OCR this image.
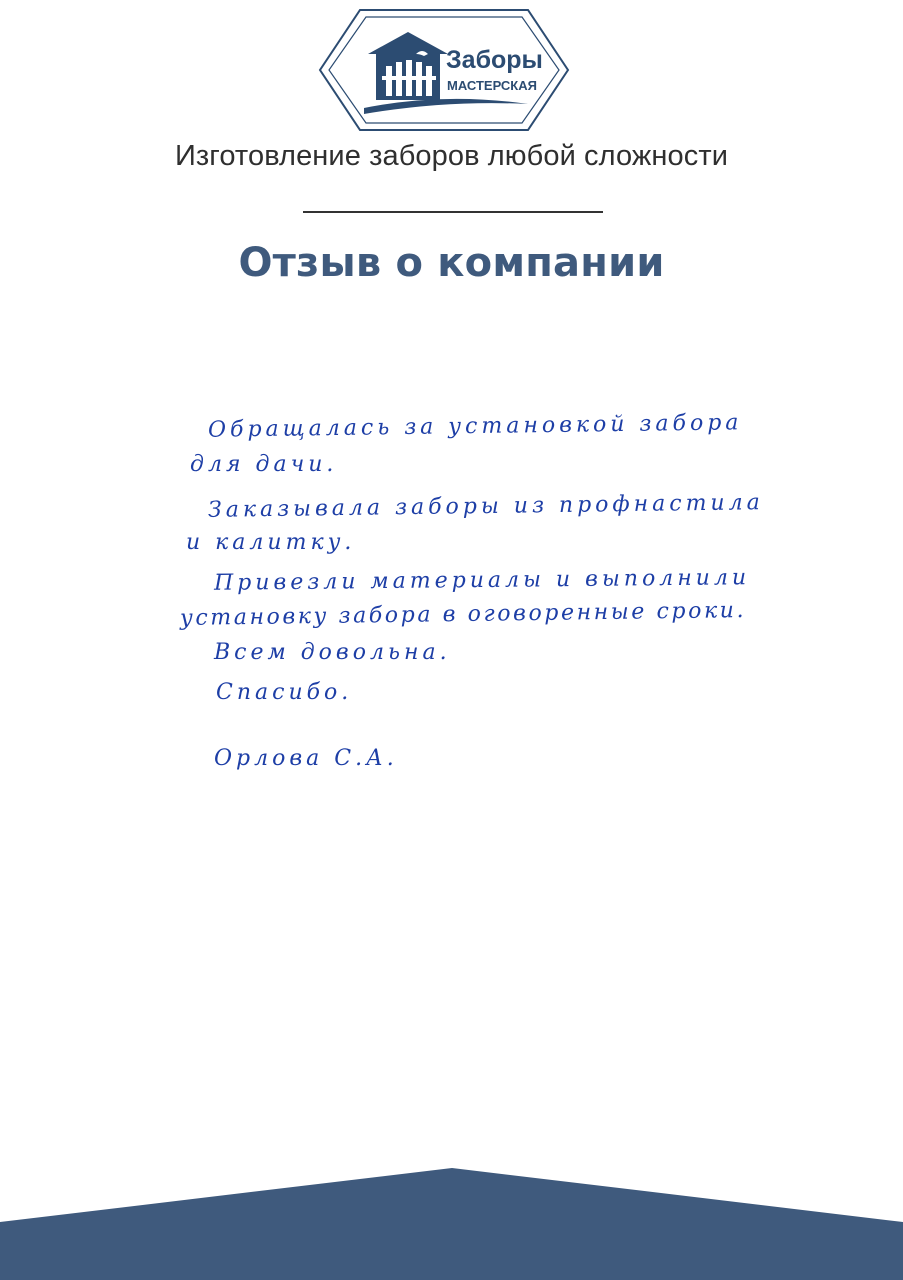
Заборы
МАСТЕРСКАЯ
Изготовление заборов любой сложности
Отзыв о компании

Обращалась за установкой забора

для дачи.

Заказывала заборы из профнастила

и калитку.

Привезли материалы и выполнили

установку забора в оговоренные сроки.

Всем довольна.

Спасибо.

Орлова С.А.
